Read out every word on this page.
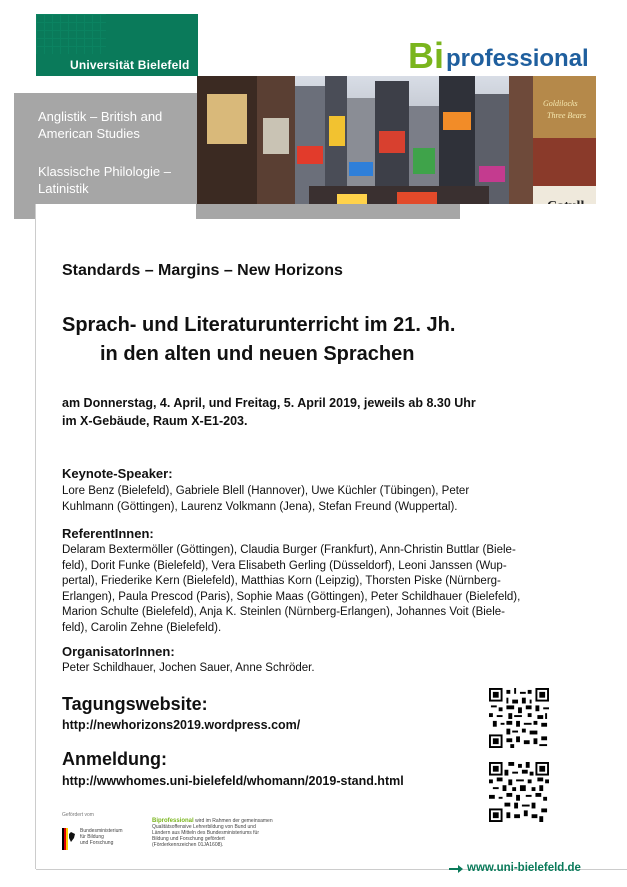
Universität Bielefeld	B i professional

Anglistik – British and American Studies

Klassische Philologie – Latinistik

Goldilocks
Three Bears
Standards – Margins – New Horizons
Sprach- und Literaturunterricht im 21. Jh.
in den alten und neuen Sprachen
am Donnerstag, 4. April, und Freitag, 5. April 2019, jeweils ab 8.30 Uhr
im X-Gebäude, Raum X-E1-203.
Keynote-Speaker:
Lore Benz (Bielefeld), Gabriele Blell (Hannover), Uwe Küchler (Tübingen), Peter
Kuhlmann (Göttingen), Laurenz Volkmann (Jena), Stefan Freund (Wuppertal).
ReferentInnen:
Delaram Bextermöller (Göttingen), Claudia Burger (Frankfurt), Ann-Christin Buttlar (Biele-
feld), Dorit Funke (Bielefeld), Vera Elisabeth Gerling (Düsseldorf), Leoni Janssen (Wup-
pertal), Friederike Kern (Bielefeld), Matthias Korn (Leipzig), Thorsten Piske (Nürnberg-
Erlangen), Paula Prescod (Paris), Sophie Maas (Göttingen), Peter Schildhauer (Bielefeld),
Marion Schulte (Bielefeld), Anja K. Steinlen (Nürnberg-Erlangen), Johannes Voit (Biele-
feld), Carolin Zehne (Bielefeld).
OrganisatorInnen:
Peter Schildhauer, Jochen Sauer, Anne Schröder.
Tagungswebsite:
http://newhorizons2019.wordpress.com/
Anmeldung:
http://wwwhomes.uni-bielefeld/whomann/2019-stand.html
Gefördert vom
Bundesministerium
für Bildung
und Forschung
Biprofessional wird im Rahmen der gemeinsamen
Qualitätsoffensive Lehrerbildung von Bund und
Ländern aus Mitteln des Bundesministeriums für
Bildung und Forschung gefördert
(Förderkennzeichen 01JA1608).
www.uni-bielefeld.de
